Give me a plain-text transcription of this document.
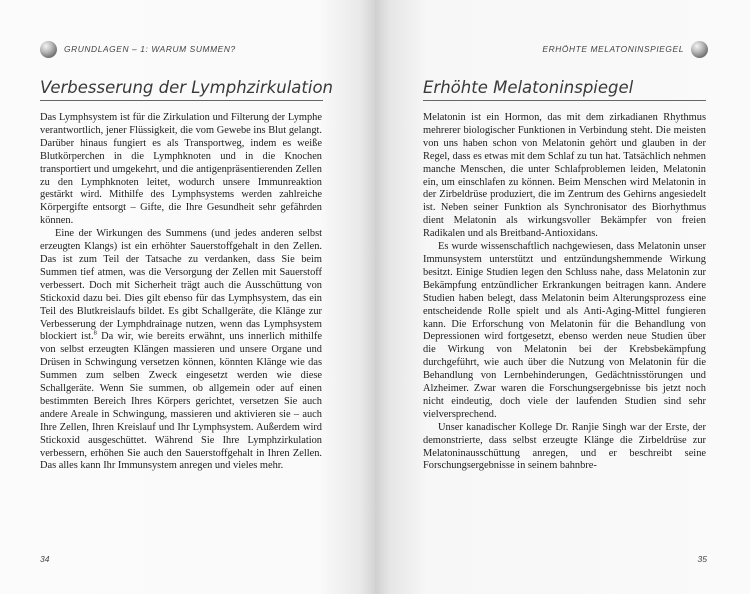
GRUNDLAGEN – 1: WARUM SUMMEN?
Verbesserung der Lymphzirkulation

Das Lymphsystem ist für die Zirkulation und Filterung der Lymphe verantwortlich, jener Flüssigkeit, die vom Gewebe ins Blut gelangt. Darüber hinaus fungiert es als Transportweg, indem es weiße Blutkörperchen in die Lymphknoten und in die Knochen transportiert und umgekehrt, und die antigenpräsentierenden Zellen zu den Lymphknoten leitet, wodurch unsere Immunreaktion gestärkt wird. Mithilfe des Lymphsystems werden zahlreiche Körpergifte entsorgt – Gifte, die Ihre Gesundheit sehr gefährden können.

Eine der Wirkungen des Summens (und jedes anderen selbst erzeugten Klangs) ist ein erhöhter Sauerstoffgehalt in den Zellen. Das ist zum Teil der Tatsache zu verdanken, dass Sie beim Summen tief atmen, was die Versorgung der Zellen mit Sauerstoff verbessert. Doch mit Sicherheit trägt auch die Ausschüttung von Stickoxid dazu bei. Dies gilt ebenso für das Lymphsystem, das ein Teil des Blutkreislaufs bildet. Es gibt Schallgeräte, die Klänge zur Verbesserung der Lymphdrainage nutzen, wenn das Lymphsystem blockiert ist.$^8$ Da wir, wie bereits erwähnt, uns innerlich mithilfe von selbst erzeugten Klängen massieren und unsere Organe und Drüsen in Schwingung versetzen können, könnten Klänge wie das Summen zum selben Zweck eingesetzt werden wie diese Schallgeräte. Wenn Sie summen, ob allgemein oder auf einen bestimmten Bereich Ihres Körpers gerichtet, versetzen Sie auch andere Areale in Schwingung, massieren und aktivieren sie – auch Ihre Zellen, Ihren Kreislauf und Ihr Lymphsystem. Außerdem wird Stickoxid ausgeschüttet. Während Sie Ihre Lymphzirkulation verbessern, erhöhen Sie auch den Sauerstoffgehalt in Ihren Zellen. Das alles kann Ihr Immunsystem anregen und vieles mehr.

34
ERHÖHTE MELATONINSPIEGEL
Erhöhte Melatoninspiegel

Melatonin ist ein Hormon, das mit dem zirkadianen Rhythmus mehrerer biologischer Funktionen in Verbindung steht. Die meisten von uns haben schon von Melatonin gehört und glauben in der Regel, dass es etwas mit dem Schlaf zu tun hat. Tatsächlich nehmen manche Menschen, die unter Schlafproblemen leiden, Melatonin ein, um einschlafen zu können. Beim Menschen wird Melatonin in der Zirbeldrüse produziert, die im Zentrum des Gehirns angesiedelt ist. Neben seiner Funktion als Synchronisator des Biorhythmus dient Melatonin als wirkungsvoller Bekämpfer von freien Radikalen und als Breitband-Antioxidans.

Es wurde wissenschaftlich nachgewiesen, dass Melatonin unser Immunsystem unterstützt und entzündungshemmende Wirkung besitzt. Einige Studien legen den Schluss nahe, dass Melatonin zur Bekämpfung entzündlicher Erkrankungen beitragen kann. Andere Studien haben belegt, dass Melatonin beim Alterungsprozess eine entscheidende Rolle spielt und als Anti-Aging-Mittel fungieren kann. Die Erforschung von Melatonin für die Behandlung von Depressionen wird fortgesetzt, ebenso werden neue Studien über die Wirkung von Melatonin bei der Krebsbekämpfung durchgeführt, wie auch über die Nutzung von Melatonin für die Behandlung von Lernbehinderungen, Gedächtnisstörungen und Alzheimer. Zwar waren die Forschungsergebnisse bis jetzt noch nicht eindeutig, doch viele der laufenden Studien sind sehr vielversprechend.

Unser kanadischer Kollege Dr. Ranjie Singh war der Erste, der demonstrierte, dass selbst erzeugte Klänge die Zirbeldrüse zur Melatoninausschüttung anregen, und er beschreibt seine Forschungsergebnisse in seinem bahnbre-

35
